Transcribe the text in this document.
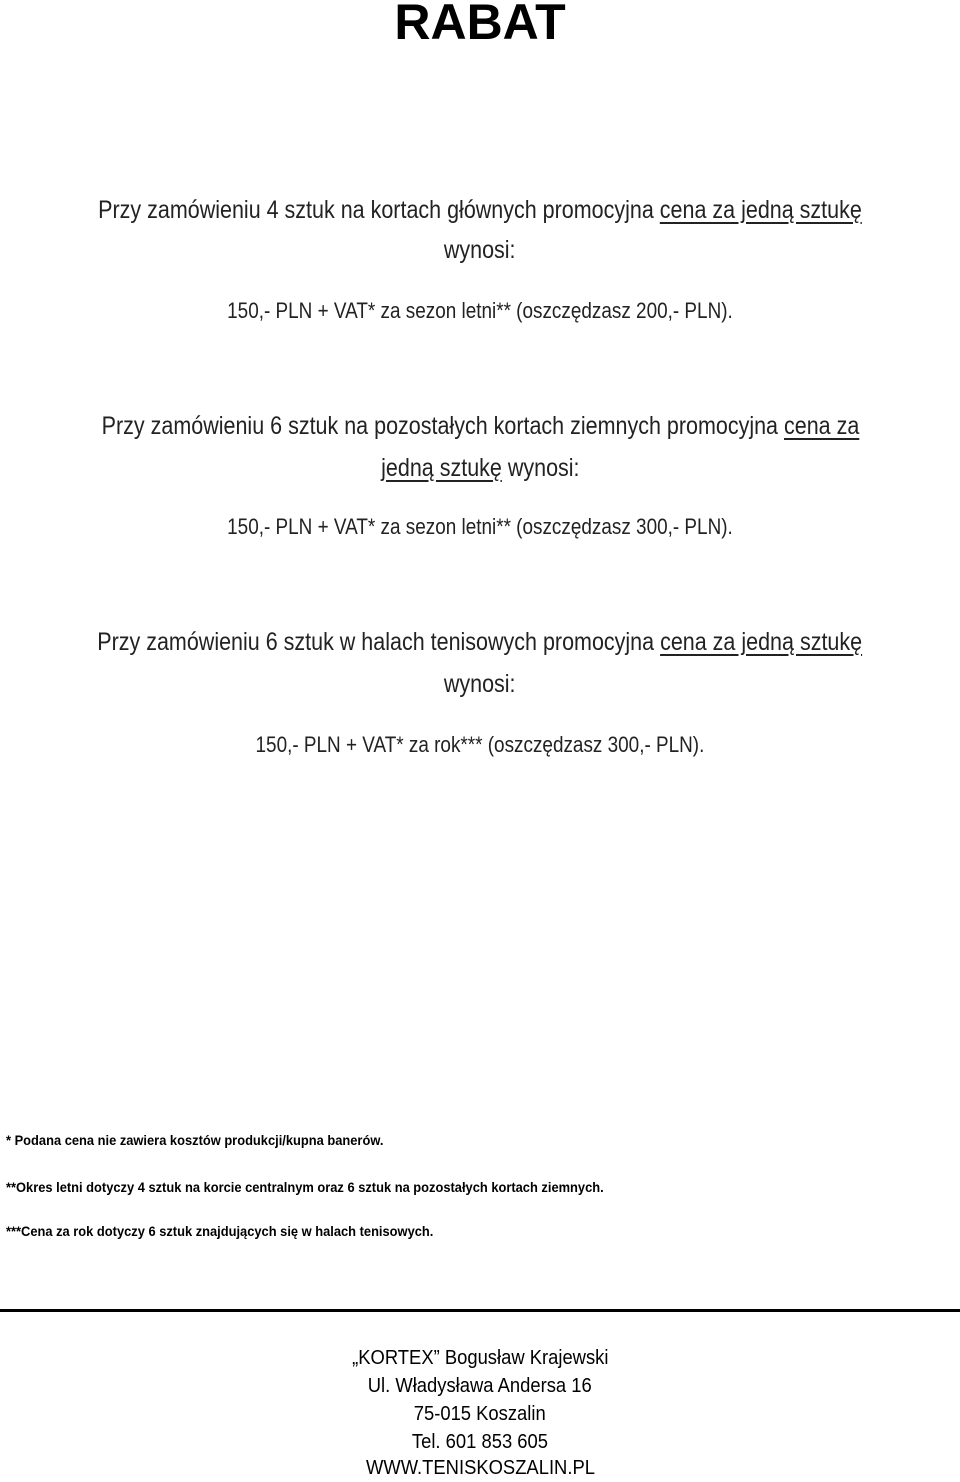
RABAT
Przy zamówieniu 4 sztuk na kortach głównych promocyjna cena za jedną sztukę
wynosi:
150,- PLN + VAT* za sezon letni** (oszczędzasz 200,- PLN).
Przy zamówieniu 6 sztuk na pozostałych kortach ziemnych promocyjna cena za
jedną sztukę wynosi:
150,- PLN + VAT* za sezon letni** (oszczędzasz 300,- PLN).
Przy zamówieniu 6 sztuk w halach tenisowych promocyjna cena za jedną sztukę
wynosi:
150,- PLN + VAT* za rok*** (oszczędzasz 300,- PLN).
* Podana cena nie zawiera kosztów produkcji/kupna banerów.
**Okres letni dotyczy 4 sztuk na korcie centralnym oraz 6 sztuk na pozostałych kortach ziemnych.
***Cena za rok dotyczy 6 sztuk znajdujących się w halach tenisowych.
„KORTEX” Bogusław Krajewski
Ul. Władysława Andersa 16
75-015 Koszalin
Tel. 601 853 605
WWW.TENISKOSZALIN.PL
